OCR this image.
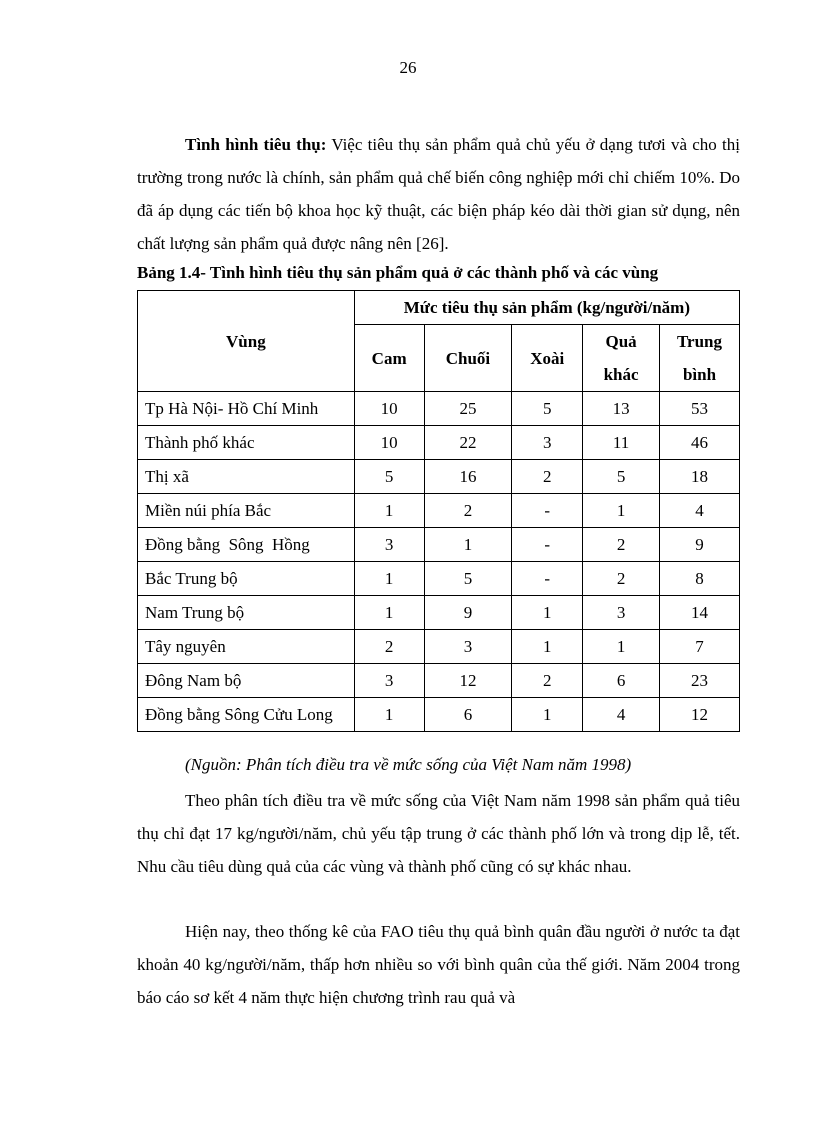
26

Tình hình tiêu thụ: Việc tiêu thụ sản phẩm quả chủ yếu ở dạng tươi và cho thị trường trong nước là chính, sản phẩm quả chế biến công nghiệp mới chỉ chiếm 10%. Do đã áp dụng các tiến bộ khoa học kỹ thuật, các biện pháp kéo dài thời gian sử dụng, nên chất lượng sản phẩm quả được nâng nên [26].

Bảng 1.4- Tình hình tiêu thụ sản phẩm quả ở các thành phố và các vùng
Vùng	Mức tiêu thụ sản phẩm (kg/người/năm)				
	Cam	Chuối	Xoài	Quả khác	Trung bình
Tp Hà Nội- Hồ Chí Minh	10	25	5	13	53
Thành phố khác	10	22	3	11	46
Thị xã	5	16	2	5	18
Miền núi phía Bắc	1	2	-	1	4
Đồng bằng  Sông  Hồng	3	1	-	2	9
Bắc Trung bộ	1	5	-	2	8
Nam Trung bộ	1	9	1	3	14
Tây nguyên	2	3	1	1	7
Đông Nam bộ	3	12	2	6	23
Đồng bằng Sông Cửu Long	1	6	1	4	12
(Nguồn: Phân tích điều tra về mức sống của Việt Nam năm 1998)

Theo phân tích điều tra về mức sống của Việt Nam năm 1998 sản phẩm quả tiêu thụ chỉ đạt 17 kg/người/năm, chủ yếu tập trung ở các thành phố lớn và trong dịp lễ, tết. Nhu cầu tiêu dùng quả của các vùng và thành phố cũng có sự khác nhau.

Hiện nay, theo thống kê của FAO tiêu thụ quả bình quân đầu người ở nước ta đạt khoản 40 kg/người/năm, thấp hơn nhiều so với bình quân của thế giới. Năm 2004 trong báo cáo sơ kết 4 năm thực hiện chương trình rau quả và
